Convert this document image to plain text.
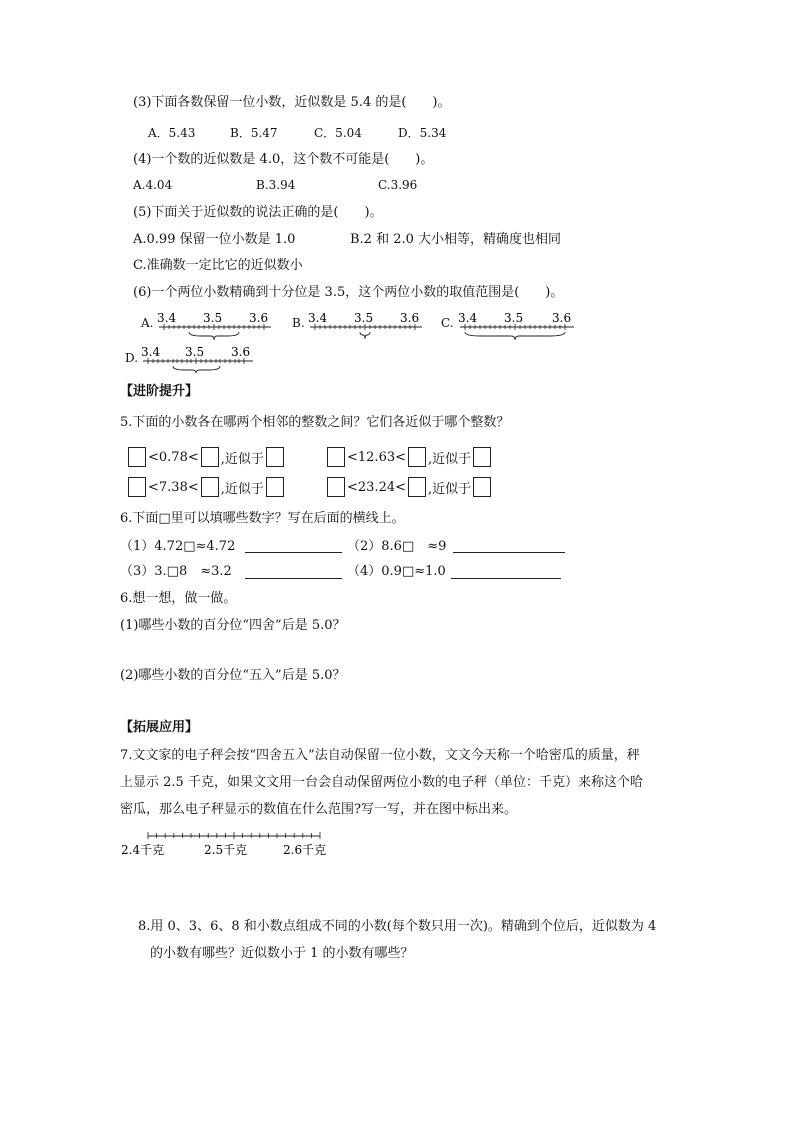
(3)下面各数保留一位小数，近似数是 5.4 的是(　　)。
A．5.43	B．5.47	C．5.04	D．5.34
(4)一个数的近似数是 4.0，这个数不可能是(　　)。
A.4.04	B.3.94	C.3.96
(5)下面关于近似数的说法正确的是(　　)。
A.0.99 保留一位小数是 1.0	B.2 和 2.0 大小相等，精确度也相同
C.准确数一定比它的近似数小
(6)一个两位小数精确到十分位是 3.5，这个两位小数的取值范围是(　　)。
A. 3.4 3.5 3.6 B. 3.4 3.5 3.6 C. 3.4 3.5 3.6
D. 3.4 3.5 3.6
【进阶提升】
5.下面的小数各在哪两个相邻的整数之间？它们各近似于哪个整数？
<0.78< ,近似于	<12.63< ,近似于
<7.38< ,近似于	<23.24< ,近似于
6.下面□里可以填哪些数字？写在后面的横线上。
（1）4.72□≈4.72	（2）8.6□　≈9
（3）3.□8　≈3.2	（4）0.9□≈1.0
6.想一想，做一做。
(1)哪些小数的百分位“四舍”后是 5.0？
(2)哪些小数的百分位“五入”后是 5.0？
【拓展应用】
7.文文家的电子秤会按“四舍五入”法自动保留一位小数，文文今天称一个哈密瓜的质量，秤
上显示 2.5 千克，如果文文用一台会自动保留两位小数的电子秤（单位：千克）来称这个哈
密瓜，那么电子秤显示的数值在什么范围?写一写，并在图中标出来。
2.4千克	2.5千克	2.6千克
8.用 0、3、6、8 和小数点组成不同的小数(每个数只用一次)。精确到个位后，近似数为 4
的小数有哪些？近似数小于 1 的小数有哪些？
